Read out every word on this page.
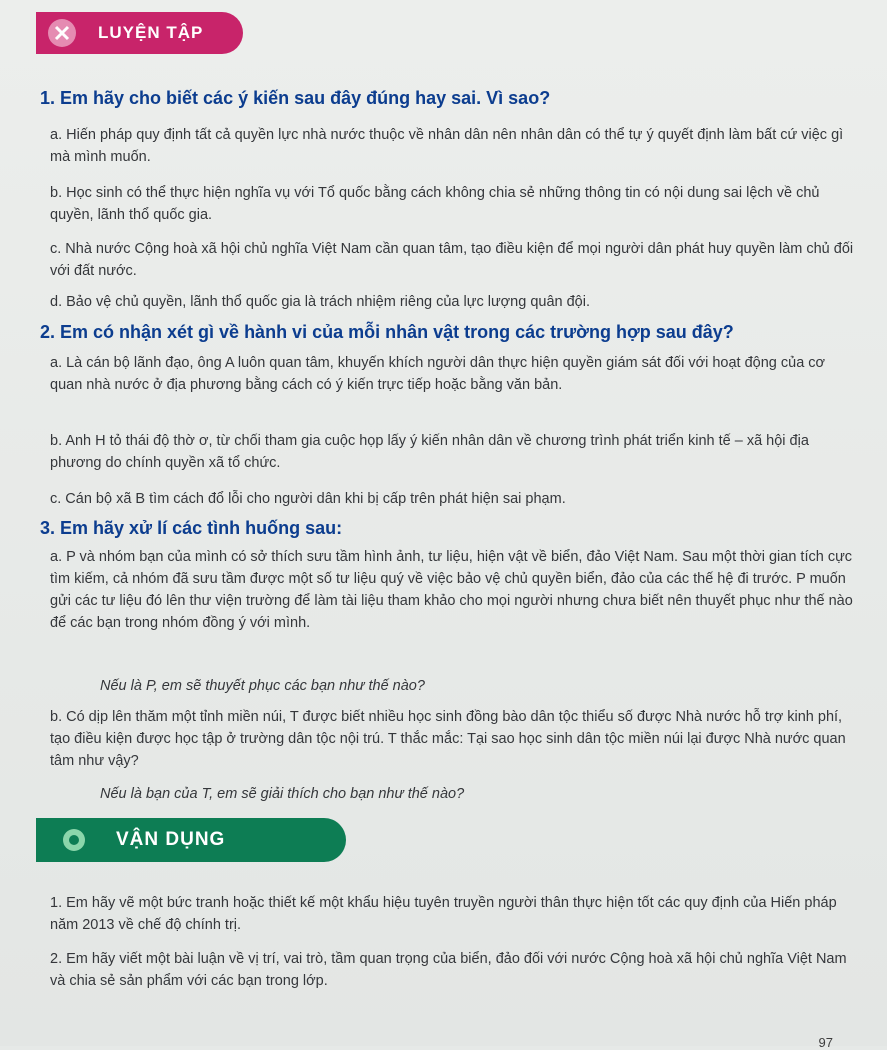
LUYỆN TẬP
1. Em hãy cho biết các ý kiến sau đây đúng hay sai. Vì sao?
a. Hiến pháp quy định tất cả quyền lực nhà nước thuộc về nhân dân nên nhân dân có thể tự ý quyết định làm bất cứ việc gì mà mình muốn.
b. Học sinh có thể thực hiện nghĩa vụ với Tổ quốc bằng cách không chia sẻ những thông tin có nội dung sai lệch về chủ quyền, lãnh thổ quốc gia.
c. Nhà nước Cộng hoà xã hội chủ nghĩa Việt Nam cần quan tâm, tạo điều kiện để mọi người dân phát huy quyền làm chủ đối với đất nước.
d. Bảo vệ chủ quyền, lãnh thổ quốc gia là trách nhiệm riêng của lực lượng quân đội.
2. Em có nhận xét gì về hành vi của mỗi nhân vật trong các trường hợp sau đây?
a. Là cán bộ lãnh đạo, ông A luôn quan tâm, khuyến khích người dân thực hiện quyền giám sát đối với hoạt động của cơ quan nhà nước ở địa phương bằng cách có ý kiến trực tiếp hoặc bằng văn bản.
b. Anh H tỏ thái độ thờ ơ, từ chối tham gia cuộc họp lấy ý kiến nhân dân về chương trình phát triển kinh tế – xã hội địa phương do chính quyền xã tổ chức.
c. Cán bộ xã B tìm cách đổ lỗi cho người dân khi bị cấp trên phát hiện sai phạm.
3. Em hãy xử lí các tình huống sau:
a. P và nhóm bạn của mình có sở thích sưu tầm hình ảnh, tư liệu, hiện vật về biển, đảo Việt Nam. Sau một thời gian tích cực tìm kiếm, cả nhóm đã sưu tầm được một số tư liệu quý về việc bảo vệ chủ quyền biển, đảo của các thế hệ đi trước. P muốn gửi các tư liệu đó lên thư viện trường để làm tài liệu tham khảo cho mọi người nhưng chưa biết nên thuyết phục như thế nào để các bạn trong nhóm đồng ý với mình.
Nếu là P, em sẽ thuyết phục các bạn như thế nào?
b. Có dịp lên thăm một tỉnh miền núi, T được biết nhiều học sinh đồng bào dân tộc thiểu số được Nhà nước hỗ trợ kinh phí, tạo điều kiện được học tập ở trường dân tộc nội trú. T thắc mắc: Tại sao học sinh dân tộc miền núi lại được Nhà nước quan tâm như vậy?
Nếu là bạn của T, em sẽ giải thích cho bạn như thế nào?
VẬN DỤNG
1. Em hãy vẽ một bức tranh hoặc thiết kế một khẩu hiệu tuyên truyền người thân thực hiện tốt các quy định của Hiến pháp năm 2013 về chế độ chính trị.
2. Em hãy viết một bài luận về vị trí, vai trò, tầm quan trọng của biển, đảo đối với nước Cộng hoà xã hội chủ nghĩa Việt Nam và chia sẻ sản phẩm với các bạn trong lớp.
97
